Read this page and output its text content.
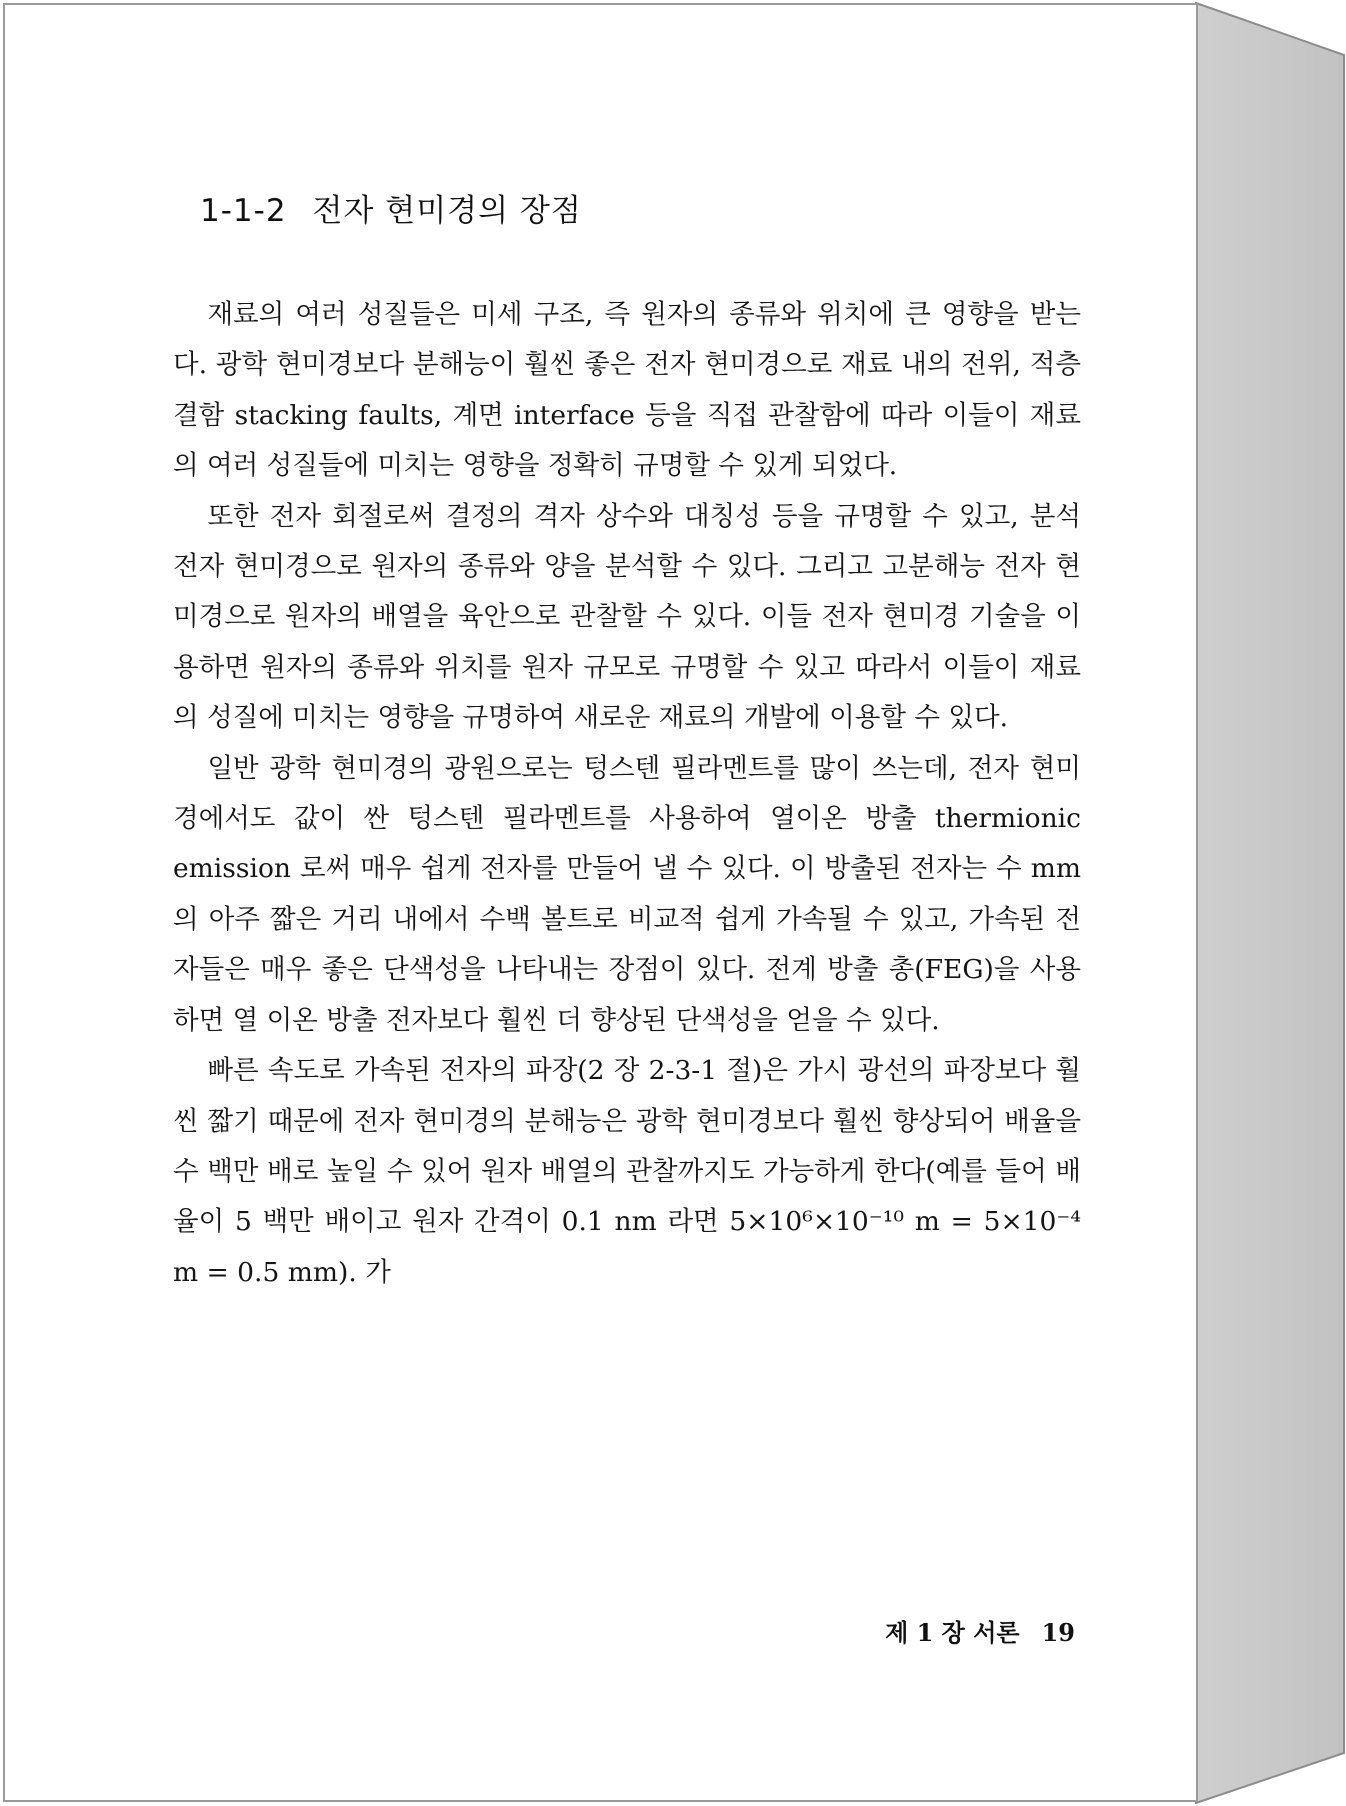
1-1-2 전자 현미경의 장점

재료의 여러 성질들은 미세 구조, 즉 원자의 종류와 위치에 큰 영향을 받는다. 광학 현미경보다 분해능이 훨씬 좋은 전자 현미경으로 재료 내의 전위, 적층 결함 stacking faults, 계면 interface 등을 직접 관찰함에 따라 이들이 재료의 여러 성질들에 미치는 영향을 정확히 규명할 수 있게 되었다.

또한 전자 회절로써 결정의 격자 상수와 대칭성 등을 규명할 수 있고, 분석 전자 현미경으로 원자의 종류와 양을 분석할 수 있다. 그리고 고분해능 전자 현미경으로 원자의 배열을 육안으로 관찰할 수 있다. 이들 전자 현미경 기술을 이용하면 원자의 종류와 위치를 원자 규모로 규명할 수 있고 따라서 이들이 재료의 성질에 미치는 영향을 규명하여 새로운 재료의 개발에 이용할 수 있다.

일반 광학 현미경의 광원으로는 텅스텐 필라멘트를 많이 쓰는데, 전자 현미경에서도 값이 싼 텅스텐 필라멘트를 사용하여 열이온 방출 thermionic emission 로써 매우 쉽게 전자를 만들어 낼 수 있다. 이 방출된 전자는 수 mm 의 아주 짧은 거리 내에서 수백 볼트로 비교적 쉽게 가속될 수 있고, 가속된 전자들은 매우 좋은 단색성을 나타내는 장점이 있다. 전계 방출 총(FEG)을 사용하면 열 이온 방출 전자보다 훨씬 더 향상된 단색성을 얻을 수 있다.

빠른 속도로 가속된 전자의 파장(2 장 2-3-1 절)은 가시 광선의 파장보다 훨씬 짧기 때문에 전자 현미경의 분해능은 광학 현미경보다 훨씬 향상되어 배율을 수 백만 배로 높일 수 있어 원자 배열의 관찰까지도 가능하게 한다(예를 들어 배율이 5 백만 배이고 원자 간격이 0.1 nm 라면 5×10⁶×10⁻¹⁰ m = 5×10⁻⁴ m = 0.5 mm). 가

제 1 장 서론 19
